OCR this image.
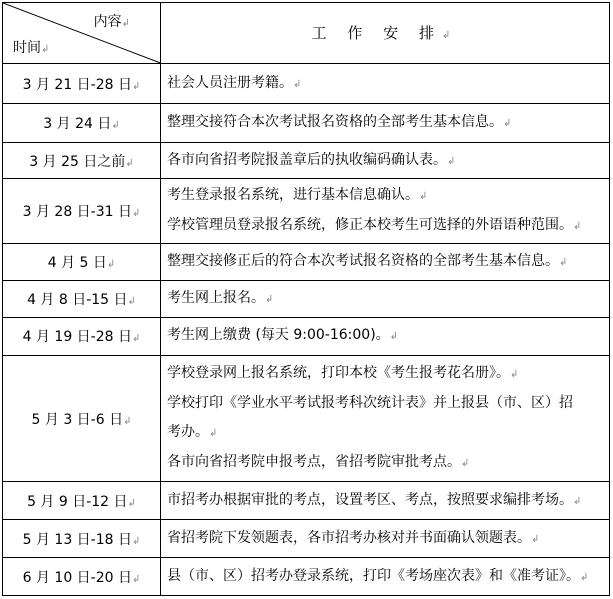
内容↲
时间↲	工 作 安 排↲
3 月 21 日-28 日↲	社会人员注册考籍。↲

3 月 24 日↲	整理交接符合本次考试报名资格的全部考生基本信息。↲

3 月 25 日之前↲	各市向省招考院报盖章后的执收编码确认表。↲

3 月 28 日-31 日↲	考生登录报名系统，进行基本信息确认。↲
学校管理员登录报名系统，修正本校考生可选择的外语语种范围。↲

4 月 5 日↲	整理交接修正后的符合本次考试报名资格的全部考生基本信息。↲

4 月 8 日-15 日↲	考生网上报名。↲

4 月 19 日-28 日↲	考生网上缴费 (每天 9:00-16:00)。↲

5 月 3 日-6 日↲	学校登录网上报名系统，打印本校《考生报考花名册》。↲
学校打印《学业水平考试报考科次统计表》并上报县（市、区）招
考办。↲
各市向省招考院申报考点，省招考院审批考点。↲

5 月 9 日-12 日↲	市招考办根据审批的考点，设置考区、考点，按照要求编排考场。↲

5 月 13 日-18 日↲	省招考院下发领题表，各市招考办核对并书面确认领题表。↲

6 月 10 日-20 日↲	县（市、区）招考办登录系统，打印《考场座次表》和《准考证》。↲
